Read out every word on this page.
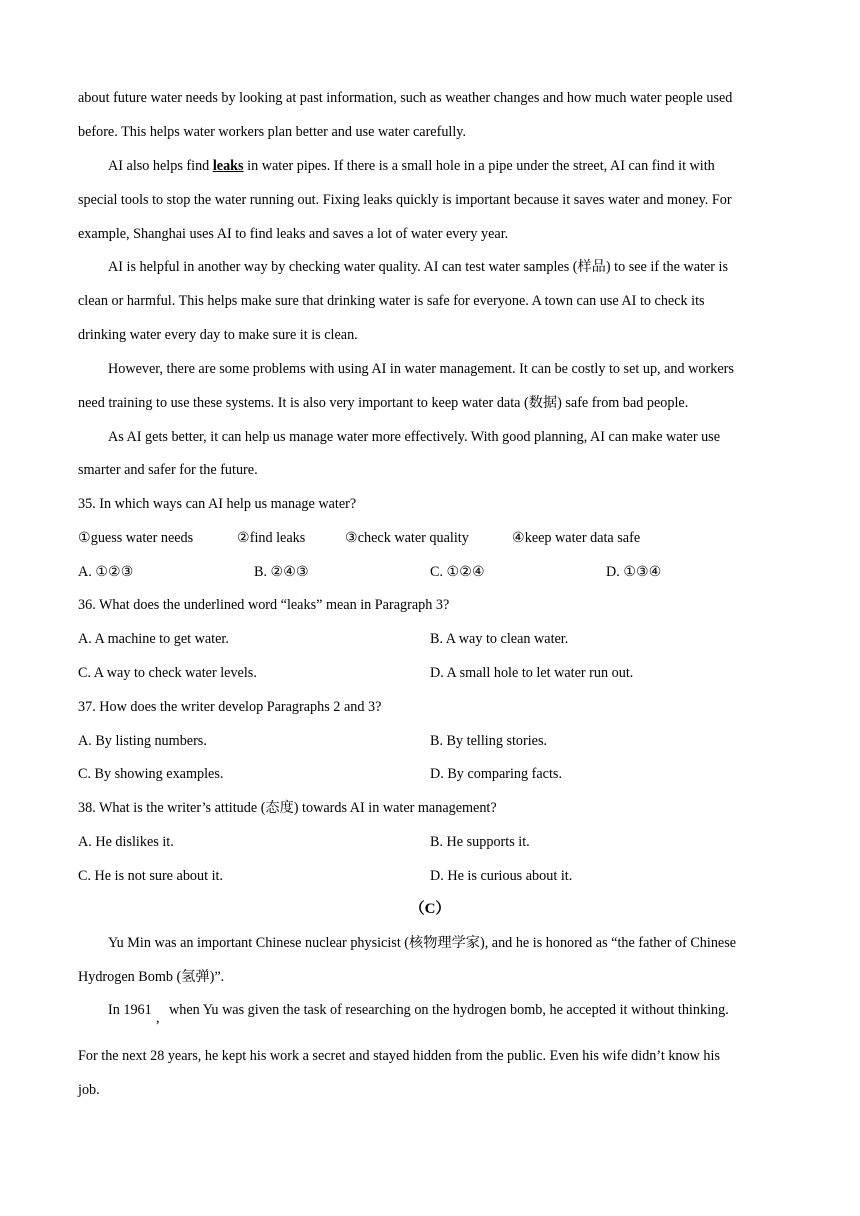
about future water needs by looking at past information, such as weather changes and how much water people used
before. This helps water workers plan better and use water carefully.
AI also helps find leaks in water pipes. If there is a small hole in a pipe under the street, AI can find it with
special tools to stop the water running out. Fixing leaks quickly is important because it saves water and money. For
example, Shanghai uses AI to find leaks and saves a lot of water every year.
AI is helpful in another way by checking water quality. AI can test water samples (样品) to see if the water is
clean or harmful. This helps make sure that drinking water is safe for everyone. A town can use AI to check its
drinking water every day to make sure it is clean.
However, there are some problems with using AI in water management. It can be costly to set up, and workers
need training to use these systems. It is also very important to keep water data (数据) safe from bad people.
As AI gets better, it can help us manage water more effectively. With good planning, AI can make water use
smarter and safer for the future.
35. In which ways can AI help us manage water?
①guess water needs	②find leaks	③check water quality	④keep water data safe
A. ①②③	B. ②④③	C. ①②④	D. ①③④
36. What does the underlined word “leaks” mean in Paragraph 3?
A. A machine to get water.	B. A way to clean water.
C. A way to check water levels.	D. A small hole to let water run out.
37. How does the writer develop Paragraphs 2 and 3?
A. By listing numbers.	B. By telling stories.
C. By showing examples.	D. By comparing facts.
38. What is the writer’s attitude (态度) towards AI in water management?
A. He dislikes it.	B. He supports it.
C. He is not sure about it.	D. He is curious about it.
（C）
Yu Min was an important Chinese nuclear physicist (核物理学家), and he is honored as “the father of Chinese
Hydrogen Bomb (氢弹)”.
In 1961 , when Yu was given the task of researching on the hydrogen bomb, he accepted it without thinking.
For the next 28 years, he kept his work a secret and stayed hidden from the public. Even his wife didn’t know his
job.
